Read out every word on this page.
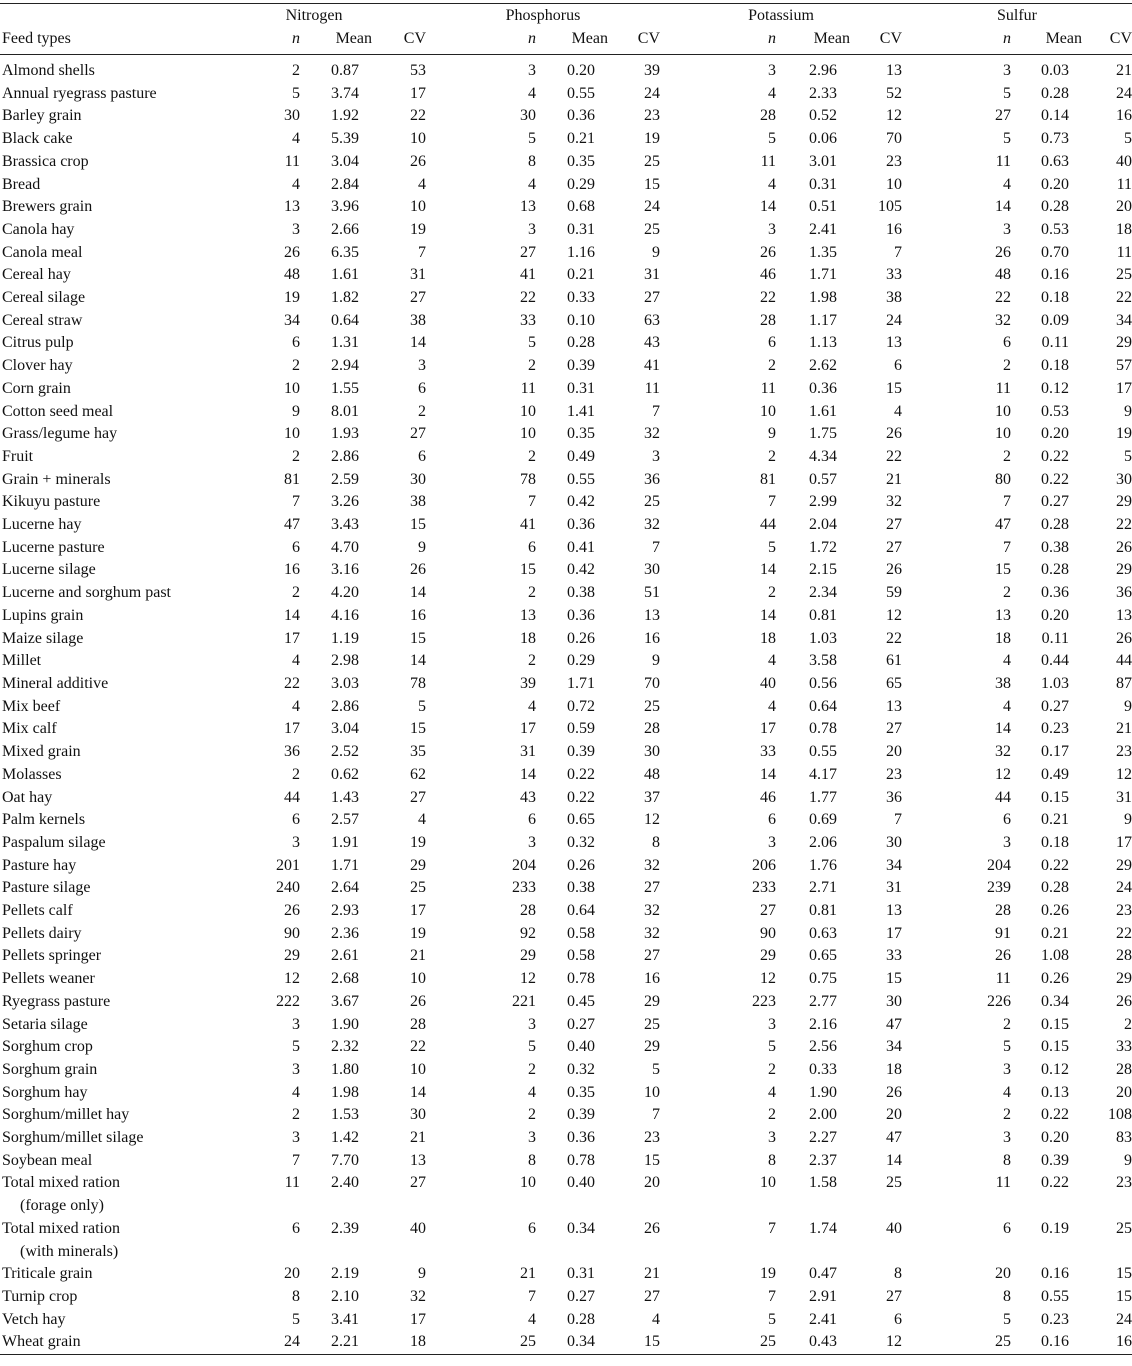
	Nitrogen			Phosphorus			Potassium			Sulfur		
Feed types	n	Mean	CV	n	Mean	CV	n	Mean	CV	n	Mean	CV

Almond shells	2	0.87	53	3	0.20	39	3	2.96	13	3	0.03	21
Annual ryegrass pasture	5	3.74	17	4	0.55	24	4	2.33	52	5	0.28	24
Barley grain	30	1.92	22	30	0.36	23	28	0.52	12	27	0.14	16
Black cake	4	5.39	10	5	0.21	19	5	0.06	70	5	0.73	5
Brassica crop	11	3.04	26	8	0.35	25	11	3.01	23	11	0.63	40
Bread	4	2.84	4	4	0.29	15	4	0.31	10	4	0.20	11
Brewers grain	13	3.96	10	13	0.68	24	14	0.51	105	14	0.28	20
Canola hay	3	2.66	19	3	0.31	25	3	2.41	16	3	0.53	18
Canola meal	26	6.35	7	27	1.16	9	26	1.35	7	26	0.70	11
Cereal hay	48	1.61	31	41	0.21	31	46	1.71	33	48	0.16	25
Cereal silage	19	1.82	27	22	0.33	27	22	1.98	38	22	0.18	22
Cereal straw	34	0.64	38	33	0.10	63	28	1.17	24	32	0.09	34
Citrus pulp	6	1.31	14	5	0.28	43	6	1.13	13	6	0.11	29
Clover hay	2	2.94	3	2	0.39	41	2	2.62	6	2	0.18	57
Corn grain	10	1.55	6	11	0.31	11	11	0.36	15	11	0.12	17
Cotton seed meal	9	8.01	2	10	1.41	7	10	1.61	4	10	0.53	9
Grass/legume hay	10	1.93	27	10	0.35	32	9	1.75	26	10	0.20	19
Fruit	2	2.86	6	2	0.49	3	2	4.34	22	2	0.22	5
Grain + minerals	81	2.59	30	78	0.55	36	81	0.57	21	80	0.22	30
Kikuyu pasture	7	3.26	38	7	0.42	25	7	2.99	32	7	0.27	29
Lucerne hay	47	3.43	15	41	0.36	32	44	2.04	27	47	0.28	22
Lucerne pasture	6	4.70	9	6	0.41	7	5	1.72	27	7	0.38	26
Lucerne silage	16	3.16	26	15	0.42	30	14	2.15	26	15	0.28	29
Lucerne and sorghum past	2	4.20	14	2	0.38	51	2	2.34	59	2	0.36	36
Lupins grain	14	4.16	16	13	0.36	13	14	0.81	12	13	0.20	13
Maize silage	17	1.19	15	18	0.26	16	18	1.03	22	18	0.11	26
Millet	4	2.98	14	2	0.29	9	4	3.58	61	4	0.44	44
Mineral additive	22	3.03	78	39	1.71	70	40	0.56	65	38	1.03	87
Mix beef	4	2.86	5	4	0.72	25	4	0.64	13	4	0.27	9
Mix calf	17	3.04	15	17	0.59	28	17	0.78	27	14	0.23	21
Mixed grain	36	2.52	35	31	0.39	30	33	0.55	20	32	0.17	23
Molasses	2	0.62	62	14	0.22	48	14	4.17	23	12	0.49	12
Oat hay	44	1.43	27	43	0.22	37	46	1.77	36	44	0.15	31
Palm kernels	6	2.57	4	6	0.65	12	6	0.69	7	6	0.21	9
Paspalum silage	3	1.91	19	3	0.32	8	3	2.06	30	3	0.18	17
Pasture hay	201	1.71	29	204	0.26	32	206	1.76	34	204	0.22	29
Pasture silage	240	2.64	25	233	0.38	27	233	2.71	31	239	0.28	24
Pellets calf	26	2.93	17	28	0.64	32	27	0.81	13	28	0.26	23
Pellets dairy	90	2.36	19	92	0.58	32	90	0.63	17	91	0.21	22
Pellets springer	29	2.61	21	29	0.58	27	29	0.65	33	26	1.08	28
Pellets weaner	12	2.68	10	12	0.78	16	12	0.75	15	11	0.26	29
Ryegrass pasture	222	3.67	26	221	0.45	29	223	2.77	30	226	0.34	26
Setaria silage	3	1.90	28	3	0.27	25	3	2.16	47	2	0.15	2
Sorghum crop	5	2.32	22	5	0.40	29	5	2.56	34	5	0.15	33
Sorghum grain	3	1.80	10	2	0.32	5	2	0.33	18	3	0.12	28
Sorghum hay	4	1.98	14	4	0.35	10	4	1.90	26	4	0.13	20
Sorghum/millet hay	2	1.53	30	2	0.39	7	2	2.00	20	2	0.22	108
Sorghum/millet silage	3	1.42	21	3	0.36	23	3	2.27	47	3	0.20	83
Soybean meal	7	7.70	13	8	0.78	15	8	2.37	14	8	0.39	9
Total mixed ration
(forage only)	11	2.40	27	10	0.40	20	10	1.58	25	11	0.22	23
Total mixed ration
(with minerals)	6	2.39	40	6	0.34	26	7	1.74	40	6	0.19	25
Triticale grain	20	2.19	9	21	0.31	21	19	0.47	8	20	0.16	15
Turnip crop	8	2.10	32	7	0.27	27	7	2.91	27	8	0.55	15
Vetch hay	5	3.41	17	4	0.28	4	5	2.41	6	5	0.23	24
Wheat grain	24	2.21	18	25	0.34	15	25	0.43	12	25	0.16	16
